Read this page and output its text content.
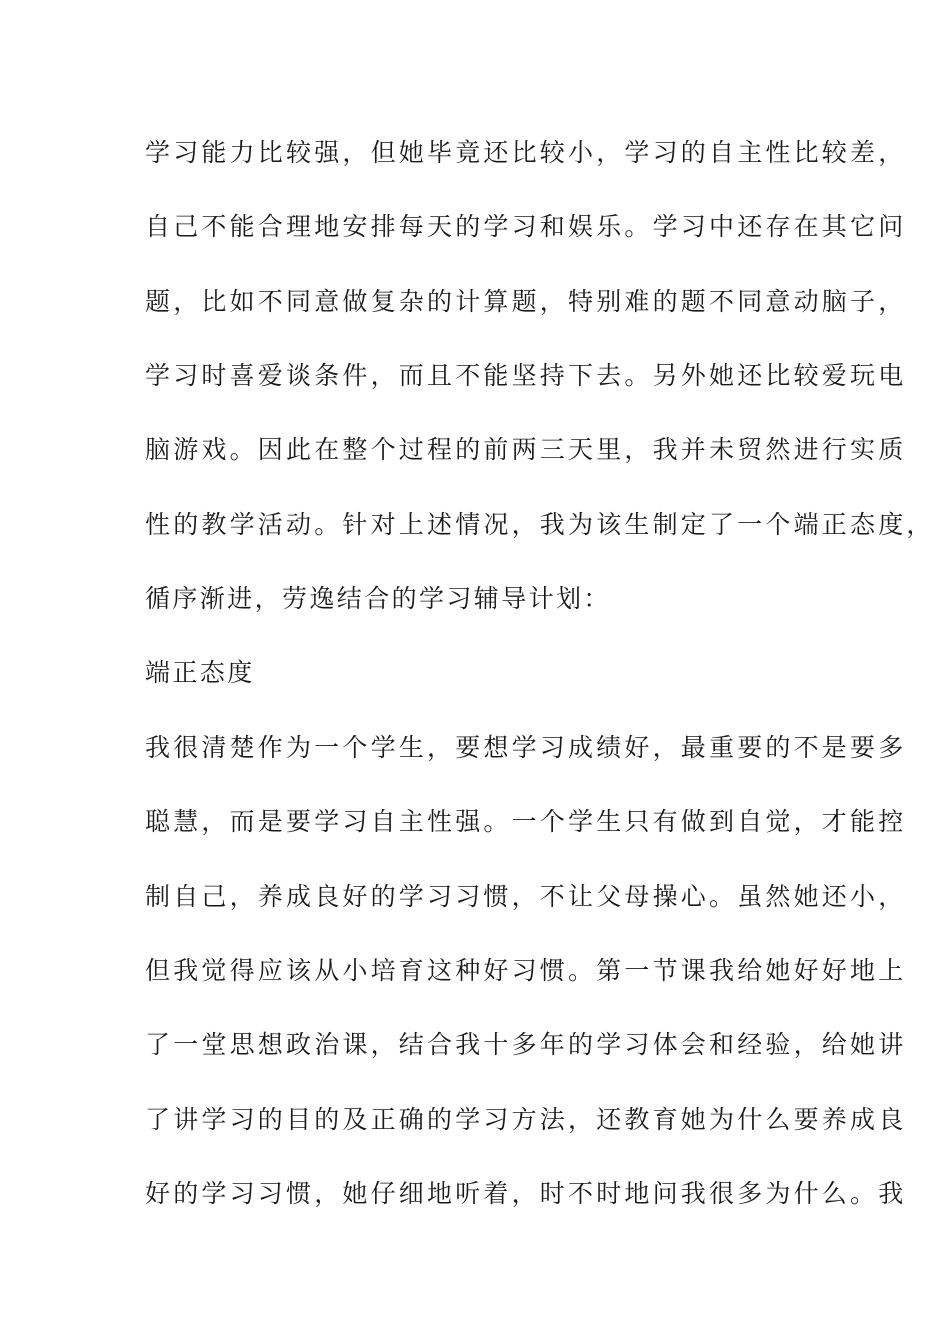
学习能力比较强，但她毕竟还比较小，学习的自主性比较差，

自己不能合理地安排每天的学习和娱乐。学习中还存在其它问

题，比如不同意做复杂的计算题，特别难的题不同意动脑子，

学习时喜爱谈条件，而且不能坚持下去。另外她还比较爱玩电

脑游戏。因此在整个过程的前两三天里，我并未贸然进行实质

性的教学活动。针对上述情况，我为该生制定了一个端正态度，

循序渐进，劳逸结合的学习辅导计划：

端正态度

我很清楚作为一个学生，要想学习成绩好，最重要的不是要多

聪慧，而是要学习自主性强。一个学生只有做到自觉，才能控

制自己，养成良好的学习习惯，不让父母操心。虽然她还小，

但我觉得应该从小培育这种好习惯。第一节课我给她好好地上

了一堂思想政治课，结合我十多年的学习体会和经验，给她讲

了讲学习的目的及正确的学习方法，还教育她为什么要养成良

好的学习习惯，她仔细地听着，时不时地问我很多为什么。我
